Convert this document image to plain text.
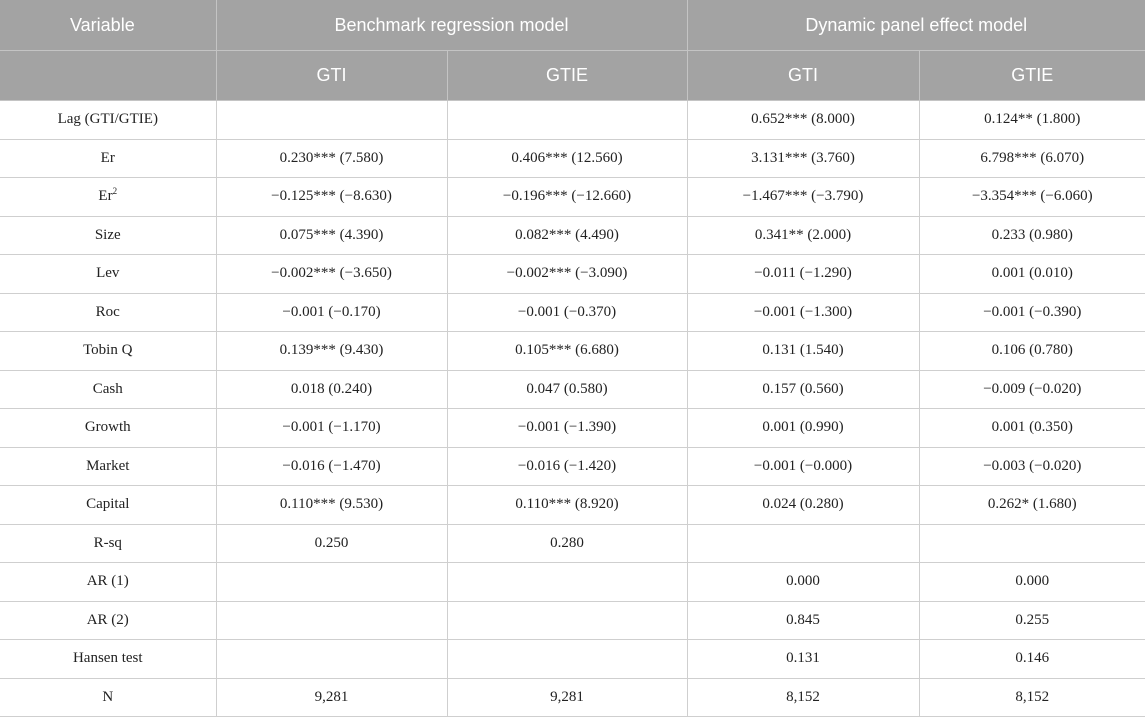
Variable	Benchmark regression model		Dynamic panel effect model	
	GTI	GTIE	GTI	GTIE
Lag (GTI/GTIE)			0.652*** (8.000)	0.124** (1.800)
Er	0.230*** (7.580)	0.406*** (12.560)	3.131*** (3.760)	6.798*** (6.070)
$Er^2$	−0.125*** (−8.630)	−0.196*** (−12.660)	−1.467*** (−3.790)	−3.354*** (−6.060)
Size	0.075*** (4.390)	0.082*** (4.490)	0.341** (2.000)	0.233 (0.980)
Lev	−0.002*** (−3.650)	−0.002*** (−3.090)	−0.011 (−1.290)	0.001 (0.010)
Roc	−0.001 (−0.170)	−0.001 (−0.370)	−0.001 (−1.300)	−0.001 (−0.390)
Tobin Q	0.139*** (9.430)	0.105*** (6.680)	0.131 (1.540)	0.106 (0.780)
Cash	0.018 (0.240)	0.047 (0.580)	0.157 (0.560)	−0.009 (−0.020)
Growth	−0.001 (−1.170)	−0.001 (−1.390)	0.001 (0.990)	0.001 (0.350)
Market	−0.016 (−1.470)	−0.016 (−1.420)	−0.001 (−0.000)	−0.003 (−0.020)
Capital	0.110*** (9.530)	0.110*** (8.920)	0.024 (0.280)	0.262* (1.680)
R-sq	0.250	0.280		
AR (1)			0.000	0.000
AR (2)			0.845	0.255
Hansen test			0.131	0.146
N	9,281	9,281	8,152	8,152
